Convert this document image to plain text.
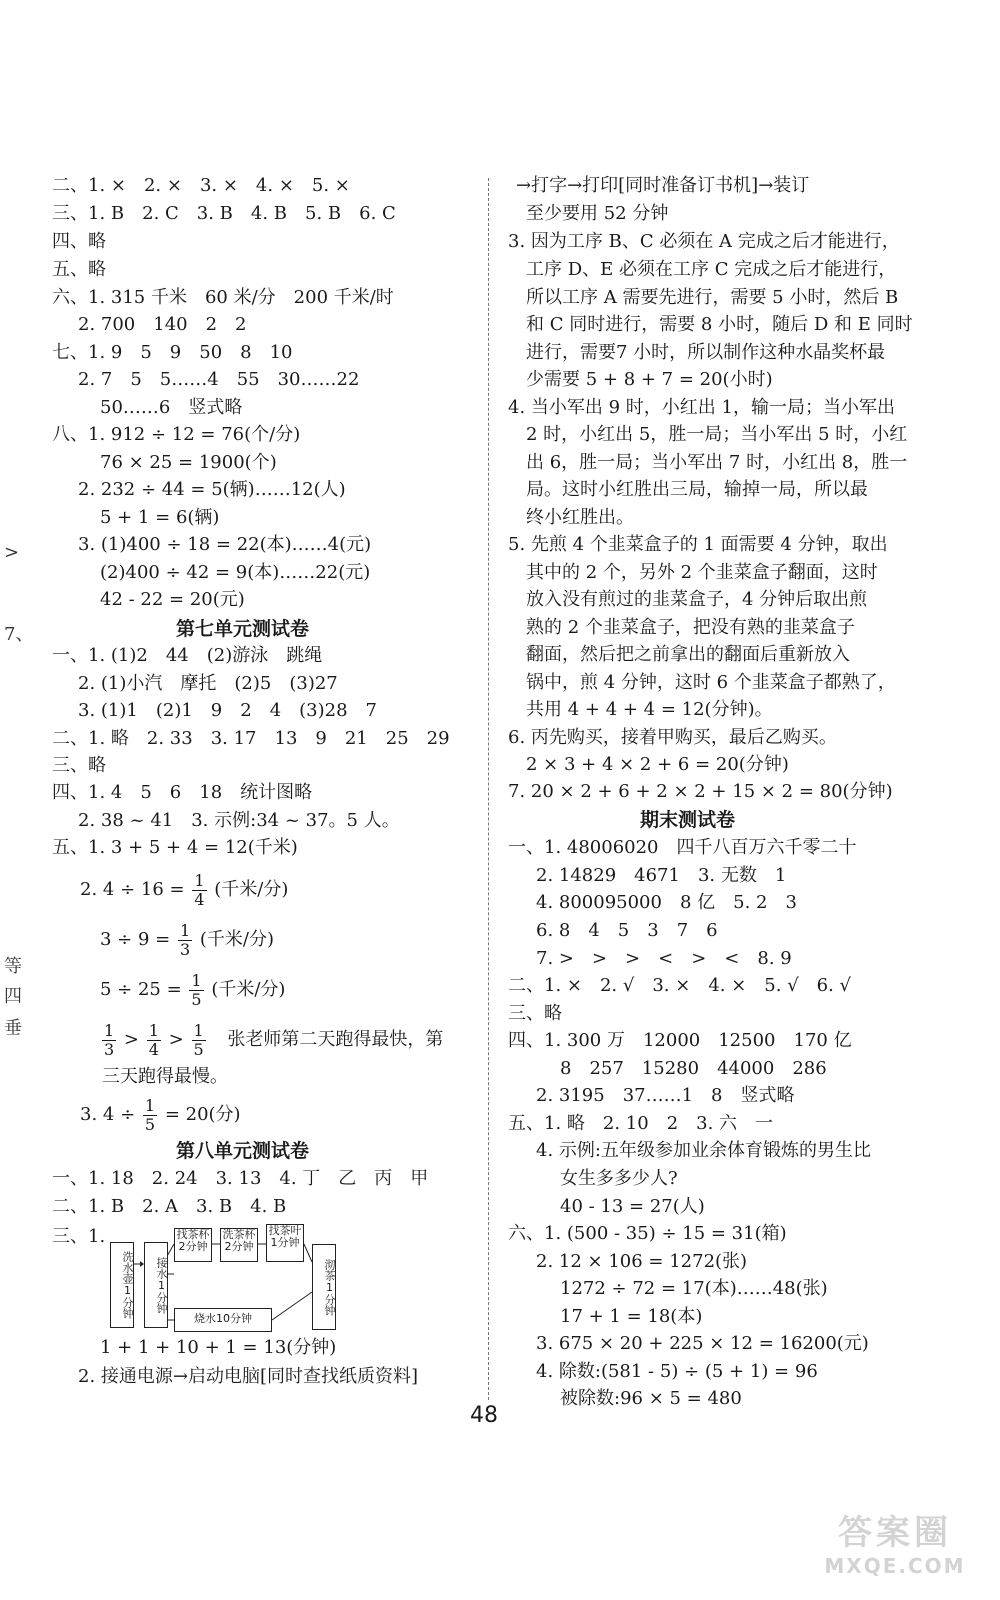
二、1. ×　2. ×　3. ×　4. ×　5. ×
三、1. B　2. C　3. B　4. B　5. B　6. C
四、略
五、略
六、1. 315 千米　60 米/分　200 千米/时
2. 700　140　2　2
七、1. 9　5　9　50　8　10
2. 7　5　5……4　55　30……22
50……6　竖式略
八、1. 912 ÷ 12 = 76(个/分)
76 × 25 = 1900(个)
2. 232 ÷ 44 = 5(辆)……12(人)
5 + 1 = 6(辆)
3. (1)400 ÷ 18 = 22(本)……4(元)
(2)400 ÷ 42 = 9(本)……22(元)
42 - 22 = 20(元)
第七单元测试卷
一、1. (1)2　44　(2)游泳　跳绳
2. (1)小汽　摩托　(2)5　(3)27
3. (1)1　(2)1　9　2　4　(3)28　7
二、1. 略　2. 33　3. 17　13　9　21　25　29
三、略
四、1. 4　5　6　18　统计图略
2. 38 ~ 41　3. 示例:34 ~ 37。5 人。
五、1. 3 + 5 + 4 = 12(千米)
2. $4 \div 16 = \frac{1}{4}$ (千米/分)
$3 \div 9 = \frac{1}{3}$ (千米/分)
$5 \div 25 = \frac{1}{5}$ (千米/分)
$\frac{1}{3} > \frac{1}{4} > \frac{1}{5}$ 张老师第二天跑得最快，第
三天跑得最慢。
3. $4 \div \frac{1}{5} = 20$(分)
第八单元测试卷
一、1. 18　2. 24　3. 13　4. 丁　乙　丙　甲
二、1. B　2. A　3. B　4. B
三、1.
洗水壶1分钟	接水1分钟
找茶杯2分钟
洗茶杯2分钟
找茶叶1分钟
烧水10分钟
沏茶1分钟
1 + 1 + 10 + 1 = 13(分钟)
2. 接通电源→启动电脑[同时查找纸质资料]
→打字→打印[同时准备订书机]→装订
至少要用 52 分钟
3. 因为工序 B、C 必须在 A 完成之后才能进行，
工序 D、E 必须在工序 C 完成之后才能进行，
所以工序 A 需要先进行，需要 5 小时，然后 B
和 C 同时进行，需要 8 小时，随后 D 和 E 同时
进行，需要7 小时，所以制作这种水晶奖杯最
少需要 5 + 8 + 7 = 20(小时)
4. 当小军出 9 时，小红出 1，输一局；当小军出
2 时，小红出 5，胜一局；当小军出 5 时，小红
出 6，胜一局；当小军出 7 时，小红出 8，胜一
局。这时小红胜出三局，输掉一局，所以最
终小红胜出。
5. 先煎 4 个韭菜盒子的 1 面需要 4 分钟，取出
其中的 2 个，另外 2 个韭菜盒子翻面，这时
放入没有煎过的韭菜盒子，4 分钟后取出煎
熟的 2 个韭菜盒子，把没有熟的韭菜盒子
翻面，然后把之前拿出的翻面后重新放入
锅中，煎 4 分钟，这时 6 个韭菜盒子都熟了，
共用 4 + 4 + 4 = 12(分钟)。
6. 丙先购买，接着甲购买，最后乙购买。
2 × 3 + 4 × 2 + 6 = 20(分钟)
7. 20 × 2 + 6 + 2 × 2 + 15 × 2 = 80(分钟)
期末测试卷
一、1. 48006020　四千八百万六千零二十
2. 14829　4671　3. 无数　1
4. 800095000　8 亿　5. 2　3
6. 8　4　5　3　7　6
7. >　>　>　<　>　<　8. 9
二、1. ×　2. √　3. ×　4. ×　5. √　6. √
三、略
四、1. 300 万　12000　12500　170 亿
8　257　15280　44000　286
2. 3195　37……1　8　竖式略
五、1. 略　2. 10　2　3. 六　一
4. 示例:五年级参加业余体育锻炼的男生比
女生多多少人?
40 - 13 = 27(人)
六、1. (500 - 35) ÷ 15 = 31(箱)
2. 12 × 106 = 1272(张)
1272 ÷ 72 = 17(本)……48(张)
17 + 1 = 18(本)
3. 675 × 20 + 225 × 12 = 16200(元)
4. 除数:(581 - 5) ÷ (5 + 1) = 96
被除数:96 × 5 = 480
>
7、
等
四
垂
48
答案圈
MXQE.COM
